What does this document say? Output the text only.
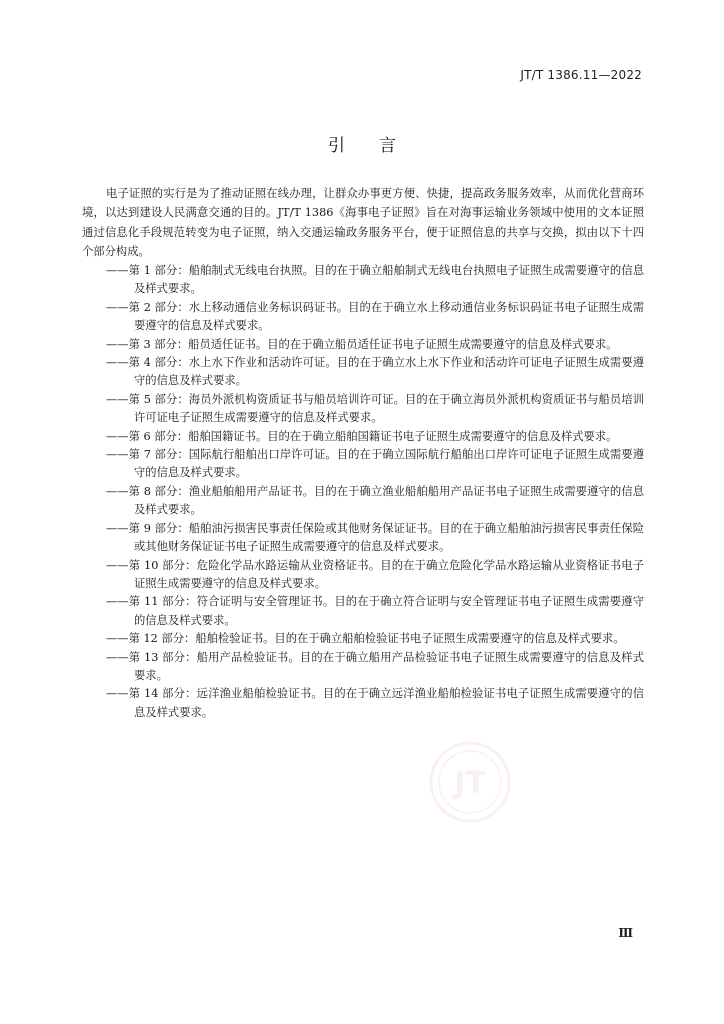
JT/T 1386.11—2022
引言

电子证照的实行是为了推动证照在线办理，让群众办事更方便、快捷，提高政务服务效率，从而优化营商环境，以达到建设人民满意交通的目的。JT/T 1386《海事电子证照》旨在对海事运输业务领域中使用的文本证照通过信息化手段规范转变为电子证照，纳入交通运输政务服务平台，便于证照信息的共享与交换，拟由以下十四个部分构成。

——第 1 部分：船舶制式无线电台执照。目的在于确立船舶制式无线电台执照电子证照生成需要遵守的信息及样式要求。
——第 2 部分：水上移动通信业务标识码证书。目的在于确立水上移动通信业务标识码证书电子证照生成需要遵守的信息及样式要求。
——第 3 部分：船员适任证书。目的在于确立船员适任证书电子证照生成需要遵守的信息及样式要求。
——第 4 部分：水上水下作业和活动许可证。目的在于确立水上水下作业和活动许可证电子证照生成需要遵守的信息及样式要求。
——第 5 部分：海员外派机构资质证书与船员培训许可证。目的在于确立海员外派机构资质证书与船员培训许可证电子证照生成需要遵守的信息及样式要求。
——第 6 部分：船舶国籍证书。目的在于确立船舶国籍证书电子证照生成需要遵守的信息及样式要求。
——第 7 部分：国际航行船舶出口岸许可证。目的在于确立国际航行船舶出口岸许可证电子证照生成需要遵守的信息及样式要求。
——第 8 部分：渔业船舶船用产品证书。目的在于确立渔业船舶船用产品证书电子证照生成需要遵守的信息及样式要求。
——第 9 部分：船舶油污损害民事责任保险或其他财务保证证书。目的在于确立船舶油污损害民事责任保险或其他财务保证证书电子证照生成需要遵守的信息及样式要求。
——第 10 部分：危险化学品水路运输从业资格证书。目的在于确立危险化学品水路运输从业资格证书电子证照生成需要遵守的信息及样式要求。
——第 11 部分：符合证明与安全管理证书。目的在于确立符合证明与安全管理证书电子证照生成需要遵守的信息及样式要求。
——第 12 部分：船舶检验证书。目的在于确立船舶检验证书电子证照生成需要遵守的信息及样式要求。
——第 13 部分：船用产品检验证书。目的在于确立船用产品检验证书电子证照生成需要遵守的信息及样式要求。
——第 14 部分：远洋渔业船舶检验证书。目的在于确立远洋渔业船舶检验证书电子证照生成需要遵守的信息及样式要求。
JT
Ⅲ
